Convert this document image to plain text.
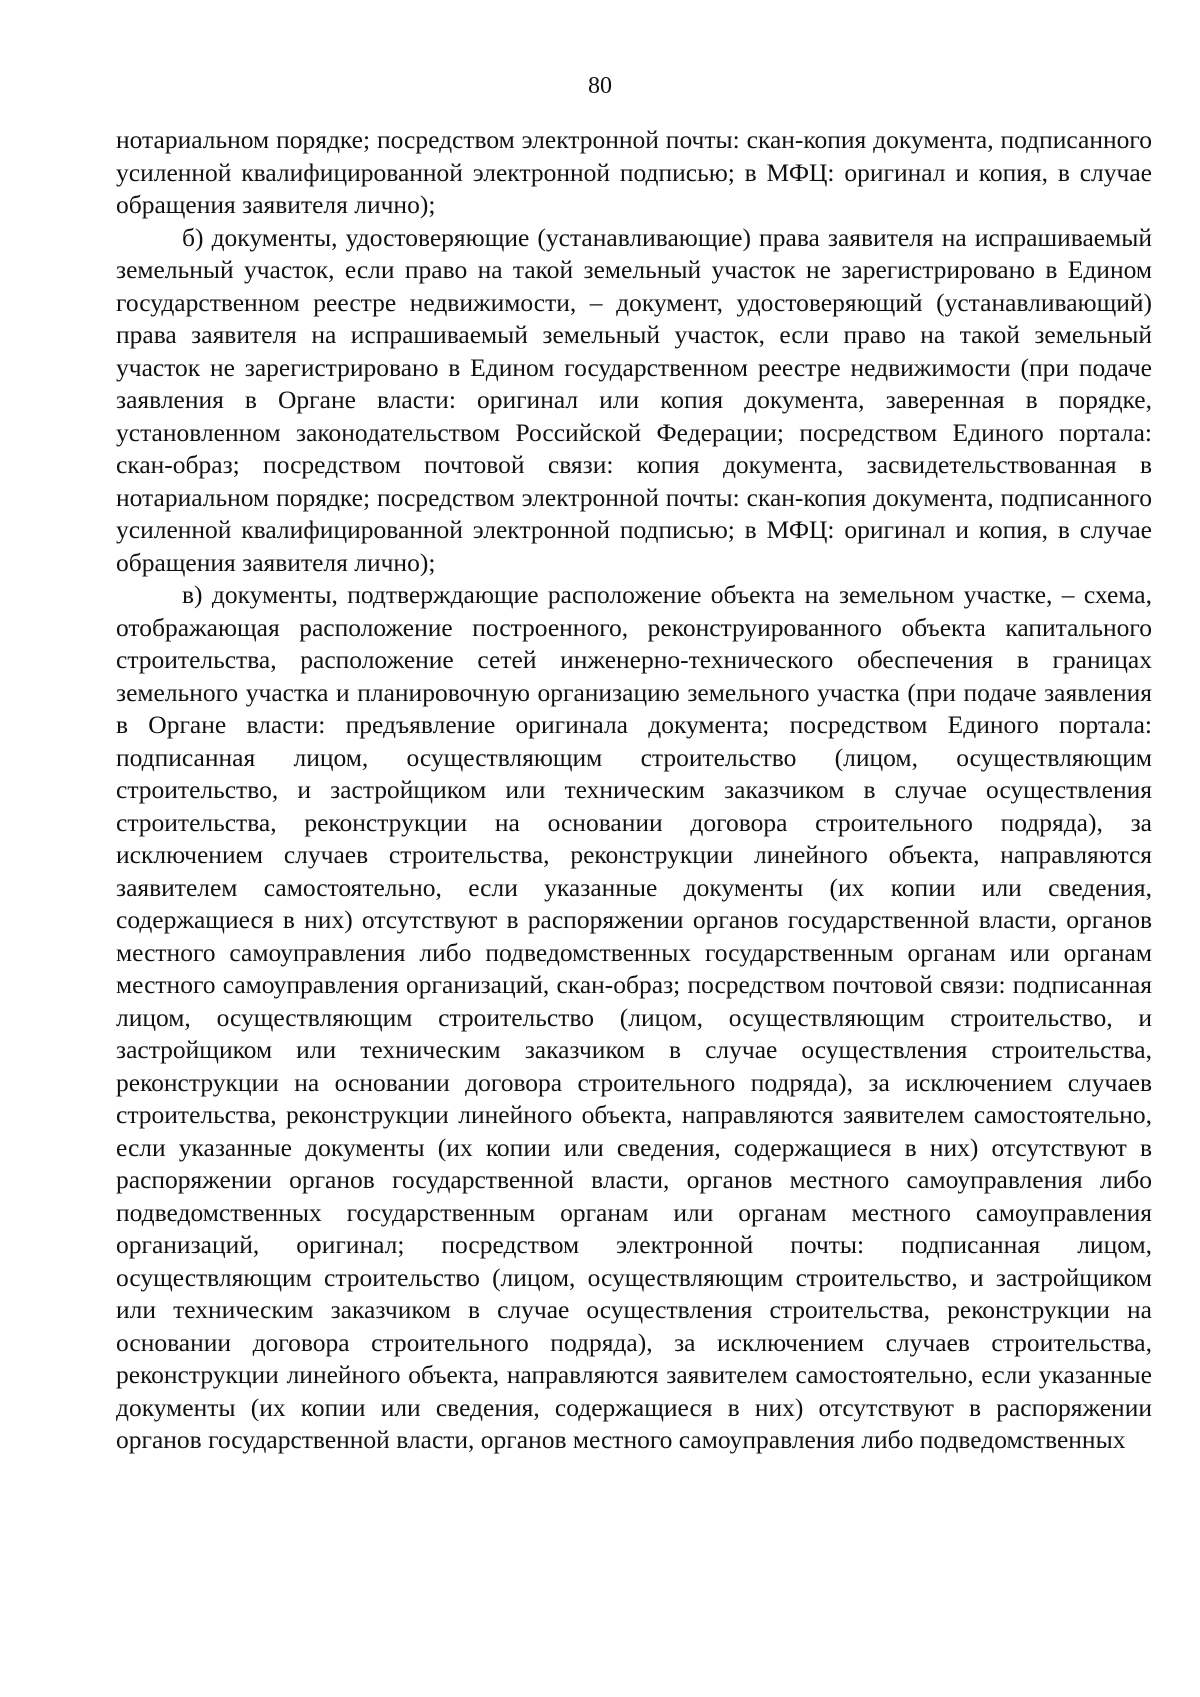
80

нотариальном порядке; посредством электронной почты: скан-копия документа, подписанного усиленной квалифицированной электронной подписью; в МФЦ: оригинал и копия, в случае обращения заявителя лично);

б) документы, удостоверяющие (устанавливающие) права заявителя на испрашиваемый земельный участок, если право на такой земельный участок не зарегистрировано в Едином государственном реестре недвижимости, – документ, удостоверяющий (устанавливающий) права заявителя на испрашиваемый земельный участок, если право на такой земельный участок не зарегистрировано в Едином государственном реестре недвижимости (при подаче заявления в Органе власти: оригинал или копия документа, заверенная в порядке, установленном законодательством Российской Федерации; посредством Единого портала: скан-образ; посредством почтовой связи: копия документа, засвидетельствованная в нотариальном порядке; посредством электронной почты: скан-копия документа, подписанного усиленной квалифицированной электронной подписью; в МФЦ: оригинал и копия, в случае обращения заявителя лично);

в) документы, подтверждающие расположение объекта на земельном участке, – схема, отображающая расположение построенного, реконструированного объекта капитального строительства, расположение сетей инженерно-технического обеспечения в границах земельного участка и планировочную организацию земельного участка (при подаче заявления в Органе власти: предъявление оригинала документа; посредством Единого портала: подписанная лицом, осуществляющим строительство (лицом, осуществляющим строительство, и застройщиком или техническим заказчиком в случае осуществления строительства, реконструкции на основании договора строительного подряда), за исключением случаев строительства, реконструкции линейного объекта, направляются заявителем самостоятельно, если указанные документы (их копии или сведения, содержащиеся в них) отсутствуют в распоряжении органов государственной власти, органов местного самоуправления либо подведомственных государственным органам или органам местного самоуправления организаций, скан-образ; посредством почтовой связи: подписанная лицом, осуществляющим строительство (лицом, осуществляющим строительство, и застройщиком или техническим заказчиком в случае осуществления строительства, реконструкции на основании договора строительного подряда), за исключением случаев строительства, реконструкции линейного объекта, направляются заявителем самостоятельно, если указанные документы (их копии или сведения, содержащиеся в них) отсутствуют в распоряжении органов государственной власти, органов местного самоуправления либо подведомственных государственным органам или органам местного самоуправления организаций, оригинал; посредством электронной почты: подписанная лицом, осуществляющим строительство (лицом, осуществляющим строительство, и застройщиком или техническим заказчиком в случае осуществления строительства, реконструкции на основании договора строительного подряда), за исключением случаев строительства, реконструкции линейного объекта, направляются заявителем самостоятельно, если указанные документы (их копии или сведения, содержащиеся в них) отсутствуют в распоряжении органов государственной власти, органов местного самоуправления либо подведомственных
